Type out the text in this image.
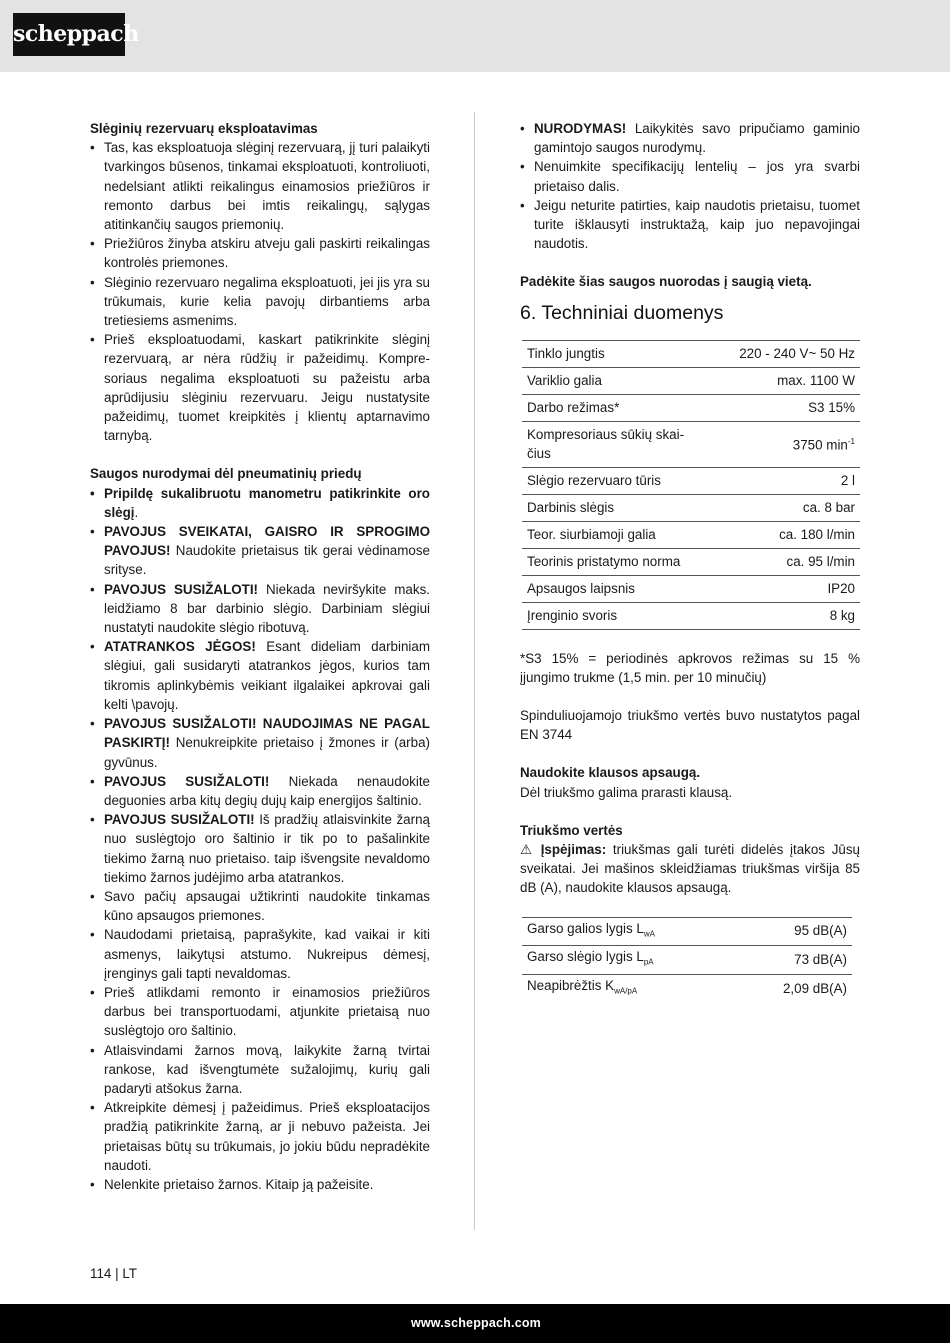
scheppach
Slėginių rezervuarų eksploatavimas
• Tas, kas eksploatuoja slėginį rezervuarą, jį turi palaikyti tvarkingos būsenos, tinkamai eksploatuoti, kontroliuoti, nedelsiant atlikti reikalingus einamosios priežiūros ir remonto darbus bei imtis reikalingų, sąlygas atitinkančių saugos priemonių.
• Priežiūros žinyba atskiru atveju gali paskirti reikalingas kontrolės priemones.
• Slėginio rezervuaro negalima eksploatuoti, jei jis yra su trūkumais, kurie kelia pavojų dirbantiems arba tretiesiems asmenims.
• Prieš eksploatuodami, kaskart patikrinkite slėginį rezervuarą, ar nėra rūdžių ir pažeidimų. Kompresoriaus negalima eksploatuoti su pažeistu arba aprūdijusiu slėginiu rezervuaru. Jeigu nustatysite pažeidimų, tuomet kreipkitės į klientų aptarnavimo tarnybą.
Saugos nurodymai dėl pneumatinių priedų
• Pripildę sukalibruotu manometru patikrinkite oro slėgį.
• PAVOJUS SVEIKATAI, GAISRO IR SPROGIMO PAVOJUS! Naudokite prietaisus tik gerai vėdinamose srityse.
• PAVOJUS SUSIŽALOTI! Niekada neviršykite maks. leidžiamo 8 bar darbinio slėgio. Darbiniam slėgiui nustatyti naudokite slėgio ribotuvą.
• ATATRANKOS JĖGOS! Esant dideliam darbiniam slėgiui, gali susidaryti atatrankos jėgos, kurios tam tikromis aplinkybėmis veikiant ilgalaikei apkrovai gali kelti \pavojų.
• PAVOJUS SUSIŽALOTI! NAUDOJIMAS NE PAGAL PASKIRTĮ! Nenukreipkite prietaiso į žmones ir (arba) gyvūnus.
• PAVOJUS SUSIŽALOTI! Niekada nenaudokite deguonies arba kitų degių dujų kaip energijos šaltinio.
• PAVOJUS SUSIŽALOTI! Iš pradžių atlaisvinkite žarną nuo suslėgtojo oro šaltinio ir tik po to pašalinkite tiekimo žarną nuo prietaiso. taip išvengsite nevaldomo tiekimo žarnos judėjimo arba atatrankos.
• Savo pačių apsaugai užtikrinti naudokite tinkamas kūno apsaugos priemones.
• Naudodami prietaisą, paprašykite, kad vaikai ir kiti asmenys, laikytųsi atstumo. Nukreipus dėmesį, įrenginys gali tapti nevaldomas.
• Prieš atlikdami remonto ir einamosios priežiūros darbus bei transportuodami, atjunkite prietaisą nuo suslėgtojo oro šaltinio.
• Atlaisvindami žarnos movą, laikykite žarną tvirtai rankose, kad išvengtumėte sužalojimų, kurių gali padaryti atšokus žarna.
• Atkreipkite dėmesį į pažeidimus. Prieš eksploatacijos pradžią patikrinkite žarną, ar ji nebuvo pažeista. Jei prietaisas būtų su trūkumais, jo jokiu būdu nepradėkite naudoti.
• Nelenkite prietaiso žarnos. Kitaip ją pažeisite.
• NURODYMAS! Laikykitės savo pripučiamo gaminio gamintojo saugos nurodymų.
• Nenuimkite specifikacijų lentelių – jos yra svarbi prietaiso dalis.
• Jeigu neturite patirties, kaip naudotis prietaisu, tuomet turite išklausyti instruktažą, kaip juo nepavojingai naudotis.
Padėkite šias saugos nuorodas į saugią vietą.
6. Techniniai duomenys
Tinklo jungtis	220 - 240 V~ 50 Hz
Variklio galia	max. 1100 W
Darbo režimas*	S3 15%
Kompresoriaus sūkių skaičius	3750 $\min^{-1}$
Slėgio rezervuaro tūris	2 l
Darbinis slėgis	ca. 8 bar
Teor. siurbiamoji galia	ca. 180 l/min
Teorinis pristatymo norma	ca. 95 l/min
Apsaugos laipsnis	IP20
Įrenginio svoris	8 kg

*S3 15% = periodinės apkrovos režimas su 15 % įjungimo trukme (1,5 min. per 10 minučių)

Spinduliuojamojo triukšmo vertės buvo nustatytos pagal EN 3744

Naudokite klausos apsaugą.

Dėl triukšmo galima prarasti klausą.

Triukšmo vertės

⚠ Įspėjimas: triukšmas gali turėti didelės įtakos Jūsų sveikatai. Jei mašinos skleidžiamas triukšmas viršija 85 dB (A), naudokite klausos apsaugą.

Garso galios lygis $L_{wA}$	95 dB(A)
Garso slėgio lygis $L_{pA}$	73 dB(A)
Neapibrėžtis $K_{wA/pA}$	2,09 dB(A)
114 | LT
www.scheppach.com
